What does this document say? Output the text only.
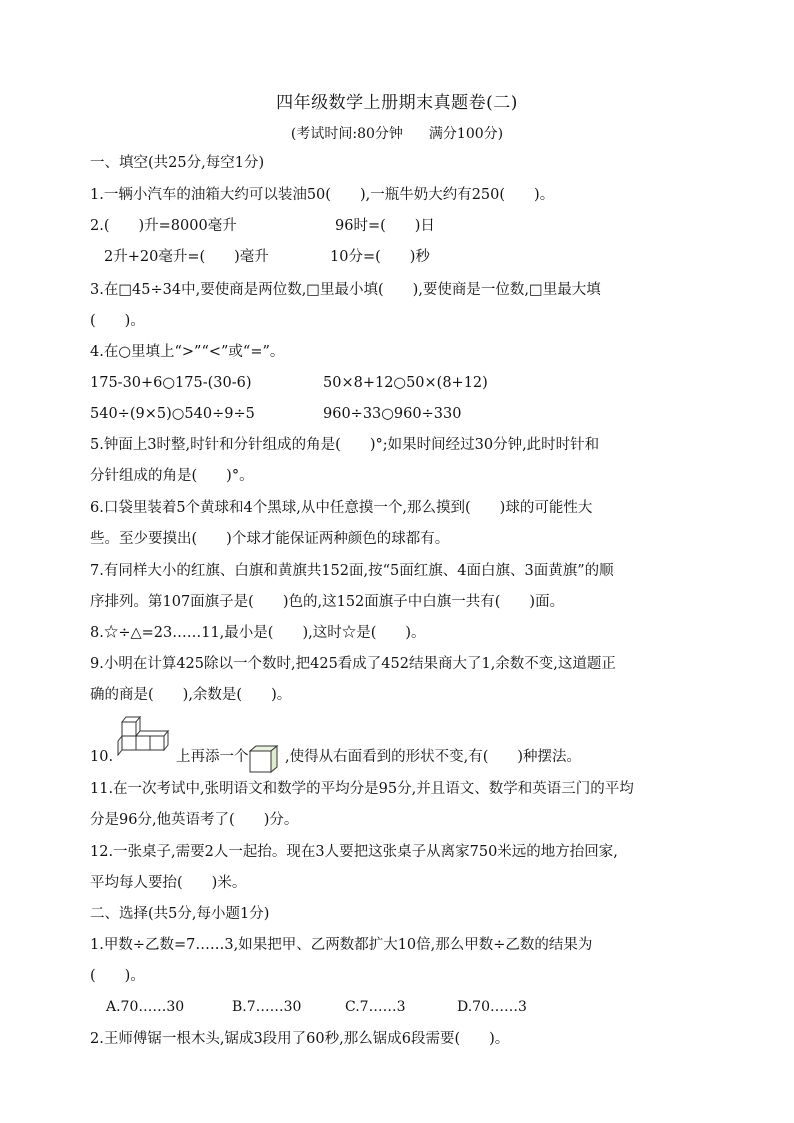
四年级数学上册期末真题卷(二)
(考试时间:80分钟 满分100分)
一、填空(共25分,每空1分)
1.一辆小汽车的油箱大约可以装油50(　　),一瓶牛奶大约有250(　　)。
2.(　　)升=8000毫升	96时=(　　)日
2升+20毫升=(　　)毫升	10分=(　　)秒
3.在□45÷34中,要使商是两位数,□里最小填(　　),要使商是一位数,□里最大填
(　　)。
4.在○里填上“>”“<”或“=”。
175-30+6○175-(30-6)	50×8+12○50×(8+12)
540÷(9×5)○540÷9÷5	960÷33○960÷330
5.钟面上3时整,时针和分针组成的角是(　　)°;如果时间经过30分钟,此时时针和
分针组成的角是(　　)°。
6.口袋里装着5个黄球和4个黑球,从中任意摸一个,那么摸到(　　)球的可能性大
些。至少要摸出(　　)个球才能保证两种颜色的球都有。
7.有同样大小的红旗、白旗和黄旗共152面,按“5面红旗、4面白旗、3面黄旗”的顺
序排列。第107面旗子是(　　)色的,这152面旗子中白旗一共有(　　)面。
8.☆÷△=23……11,最小是(　　),这时☆是(　　)。
9.小明在计算425除以一个数时,把425看成了452结果商大了1,余数不变,这道题正
确的商是(　　),余数是(　　)。
10.	上再添一个	,使得从右面看到的形状不变,有(　　)种摆法。
11.在一次考试中,张明语文和数学的平均分是95分,并且语文、数学和英语三门的平均
分是96分,他英语考了(　　)分。
12.一张桌子,需要2人一起抬。现在3人要把这张桌子从离家750米远的地方抬回家,
平均每人要抬(　　)米。
二、选择(共5分,每小题1分)
1.甲数÷乙数=7……3,如果把甲、乙两数都扩大10倍,那么甲数÷乙数的结果为
(　　)。
A.70……30	B.7……30	C.7……3	D.70……3
2.王师傅锯一根木头,锯成3段用了60秒,那么锯成6段需要(　　)。
